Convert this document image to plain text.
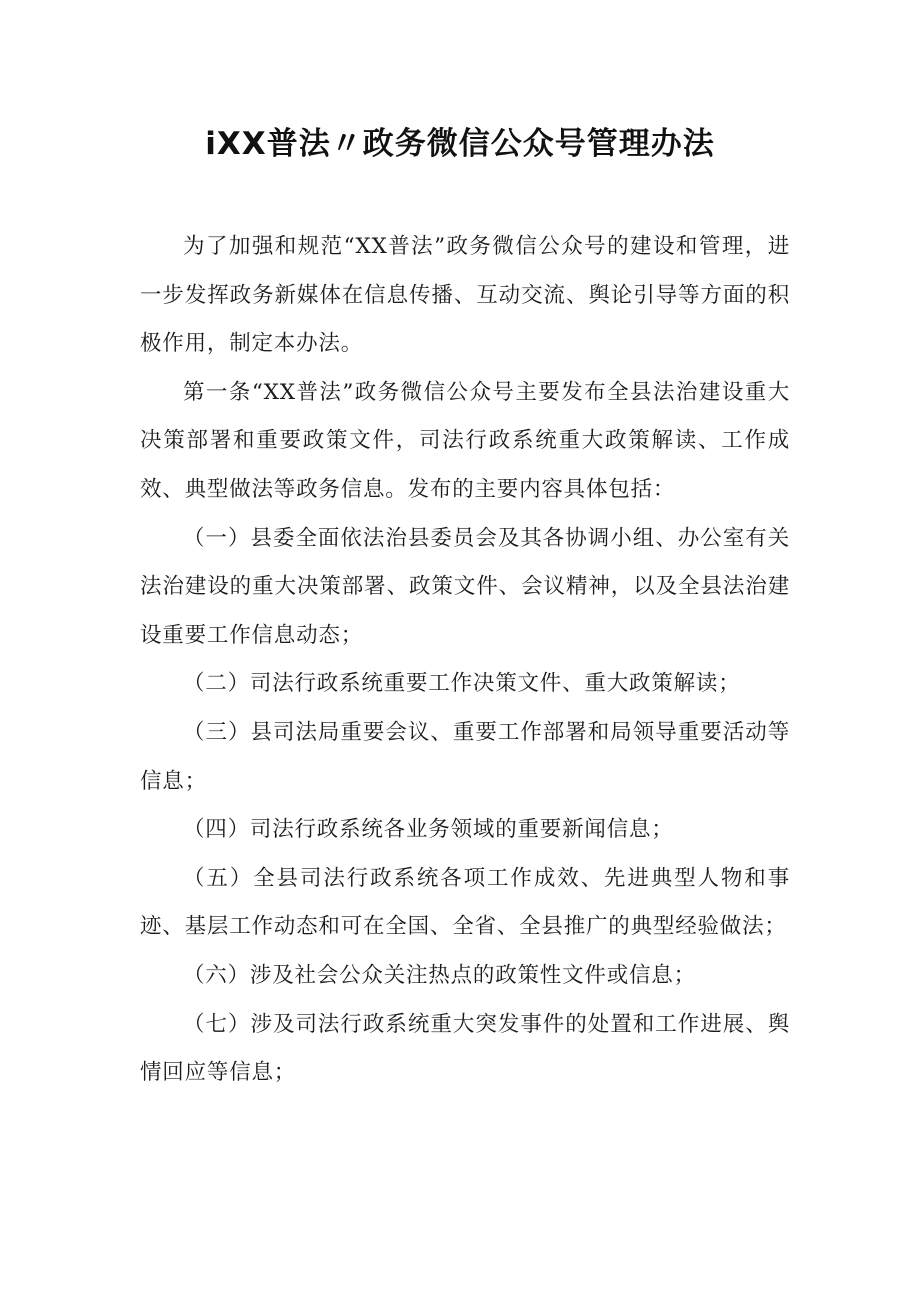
ⅰXX普法〃政务微信公众号管理办法

为了加强和规范“XX普法”政务微信公众号的建设和管理，进一步发挥政务新媒体在信息传播、互动交流、舆论引导等方面的积极作用，制定本办法。

第一条“XX普法”政务微信公众号主要发布全县法治建设重大决策部署和重要政策文件，司法行政系统重大政策解读、工作成效、典型做法等政务信息。发布的主要内容具体包括：

（一）县委全面依法治县委员会及其各协调小组、办公室有关法治建设的重大决策部署、政策文件、会议精神，以及全县法治建设重要工作信息动态；

（二）司法行政系统重要工作决策文件、重大政策解读；

（三）县司法局重要会议、重要工作部署和局领导重要活动等信息；

（四）司法行政系统各业务领域的重要新闻信息；

（五）全县司法行政系统各项工作成效、先进典型人物和事迹、基层工作动态和可在全国、全省、全县推广的典型经验做法；

（六）涉及社会公众关注热点的政策性文件或信息；

（七）涉及司法行政系统重大突发事件的处置和工作进展、舆情回应等信息；
